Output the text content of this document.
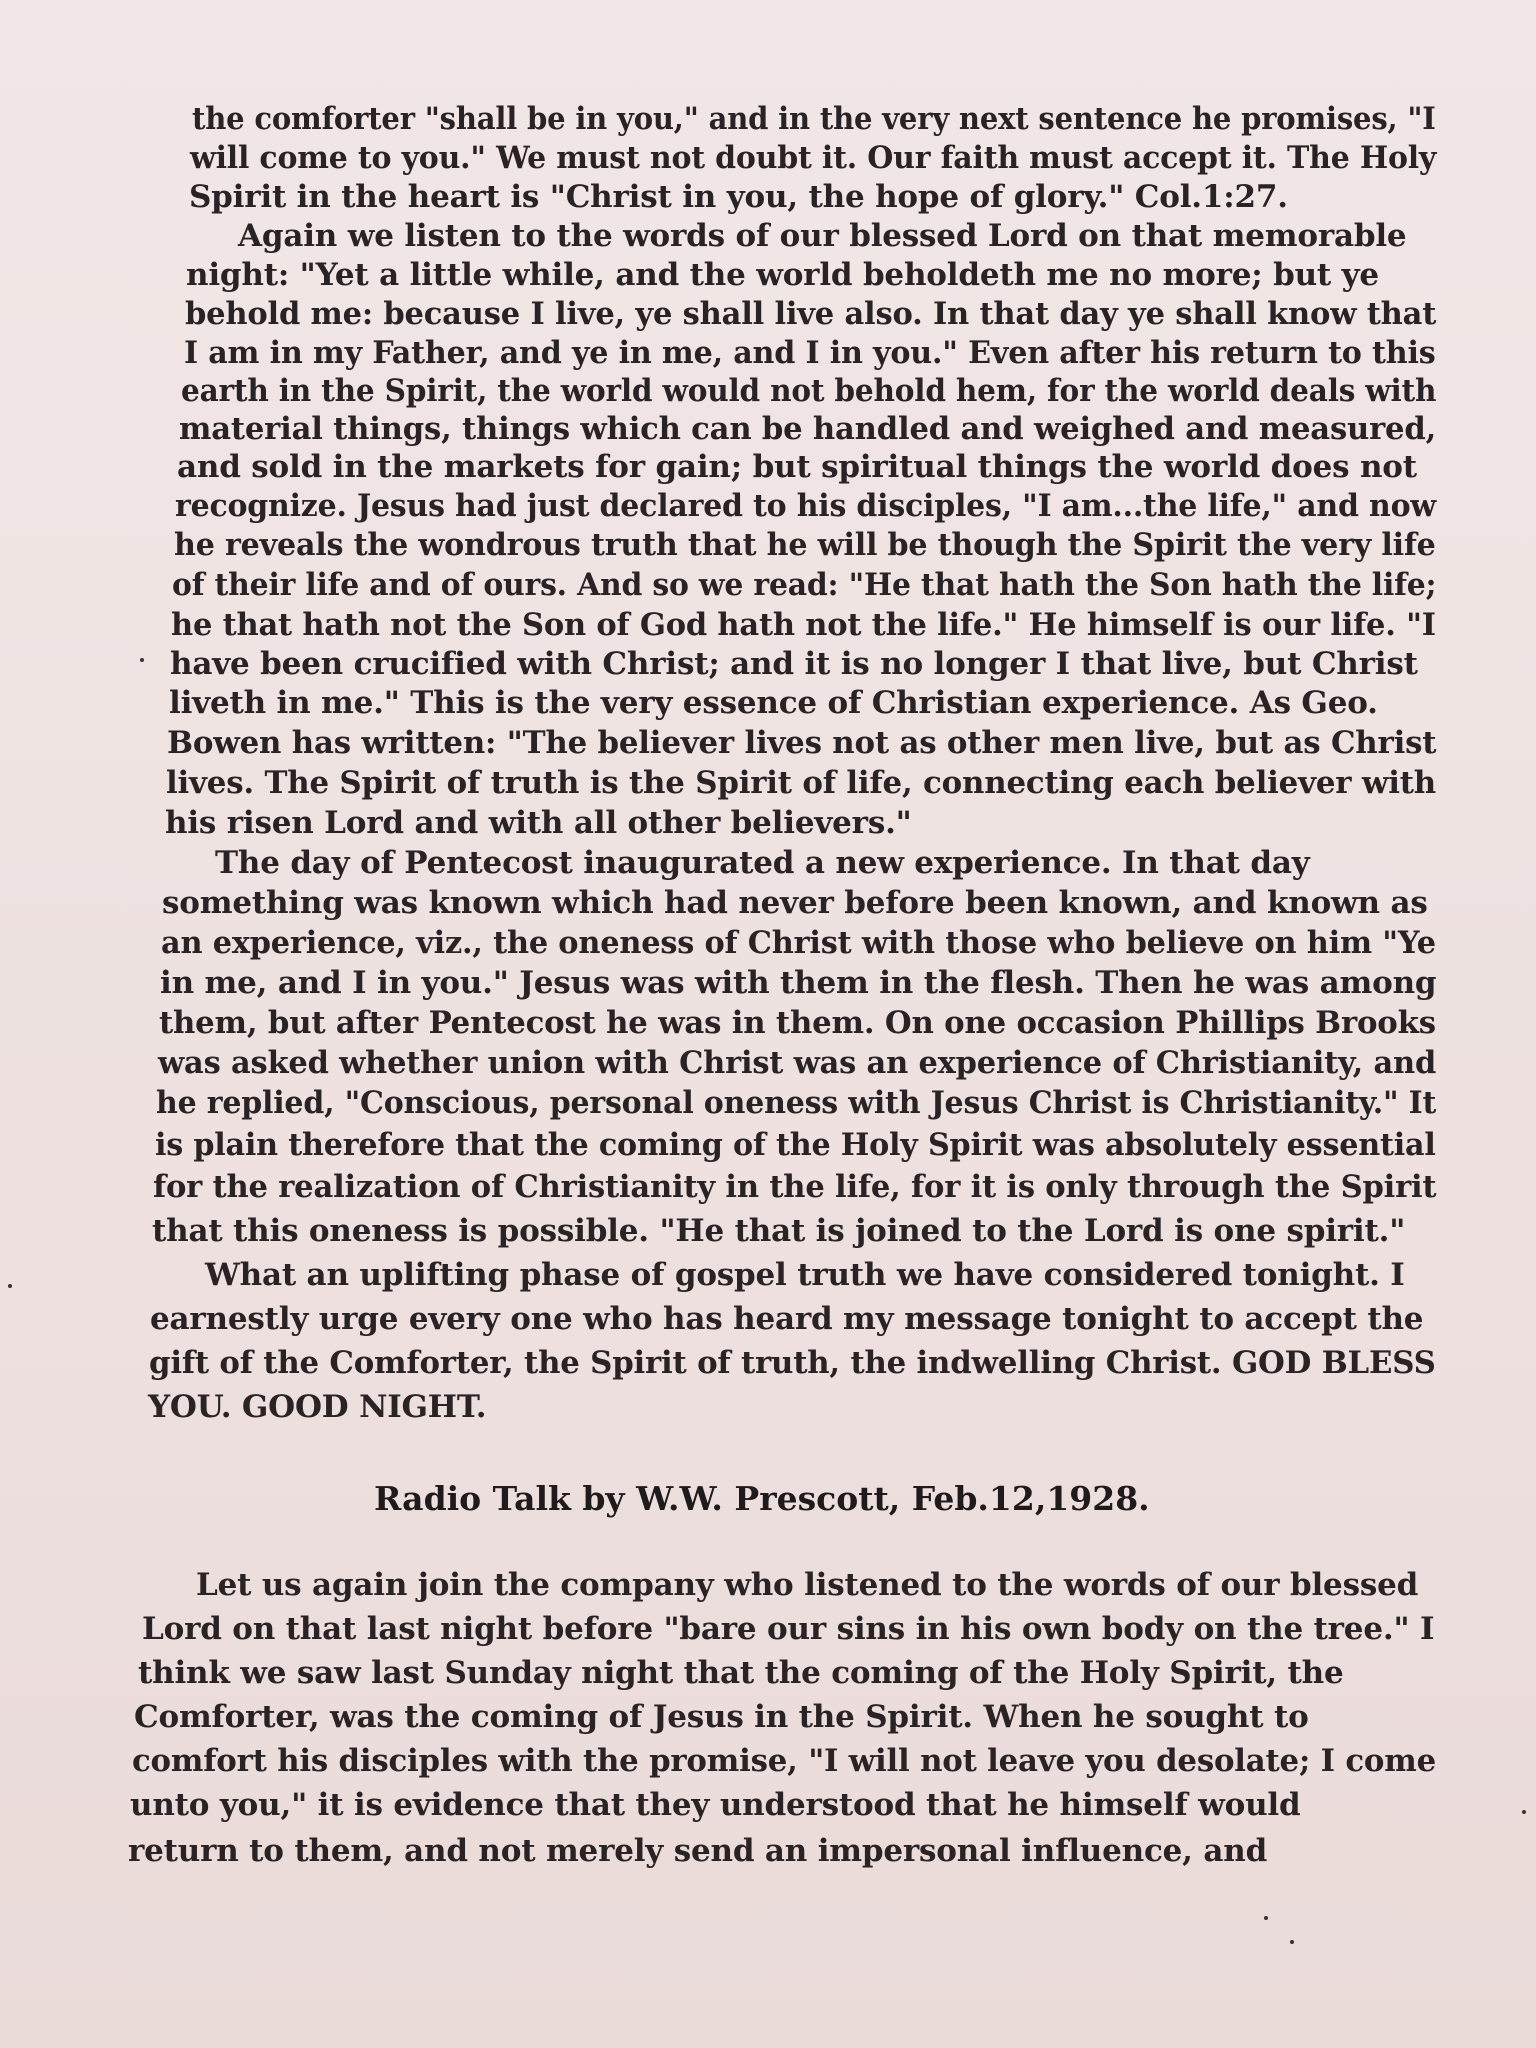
the comforter "shall be in you," and in the very next sentence he promises, "I
will come to you." We must not doubt it. Our faith must accept it. The Holy
Spirit in the heart is "Christ in you, the hope of glory." Col.1:27.
Again we listen to the words of our blessed Lord on that memorable
night: "Yet a little while, and the world beholdeth me no more; but ye
behold me: because I live, ye shall live also. In that day ye shall know that
I am in my Father, and ye in me, and I in you." Even after his return to this
earth in the Spirit, the world would not behold hem, for the world deals with
material things, things which can be handled and weighed and measured,
and sold in the markets for gain; but spiritual things the world does not
recognize. Jesus had just declared to his disciples, "I am...the life," and now
he reveals the wondrous truth that he will be though the Spirit the very life
of their life and of ours. And so we read: "He that hath the Son hath the life;
he that hath not the Son of God hath not the life." He himself is our life. "I
have been crucified with Christ; and it is no longer I that live, but Christ
liveth in me." This is the very essence of Christian experience. As Geo.
Bowen has written: "The believer lives not as other men live, but as Christ
lives. The Spirit of truth is the Spirit of life, connecting each believer with
his risen Lord and with all other believers."
The day of Pentecost inaugurated a new experience. In that day
something was known which had never before been known, and known as
an experience, viz., the oneness of Christ with those who believe on him "Ye
in me, and I in you." Jesus was with them in the flesh. Then he was among
them, but after Pentecost he was in them. On one occasion Phillips Brooks
was asked whether union with Christ was an experience of Christianity, and
he replied, "Conscious, personal oneness with Jesus Christ is Christianity." It
is plain therefore that the coming of the Holy Spirit was absolutely essential
for the realization of Christianity in the life, for it is only through the Spirit
that this oneness is possible. "He that is joined to the Lord is one spirit."
What an uplifting phase of gospel truth we have considered tonight. I
earnestly urge every one who has heard my message tonight to accept the
gift of the Comforter, the Spirit of truth, the indwelling Christ. GOD BLESS
YOU. GOOD NIGHT.
Radio Talk by W.W. Prescott, Feb.12,1928.
Let us again join the company who listened to the words of our blessed
Lord on that last night before "bare our sins in his own body on the tree." I
think we saw last Sunday night that the coming of the Holy Spirit, the
Comforter, was the coming of Jesus in the Spirit. When he sought to
comfort his disciples with the promise, "I will not leave you desolate; I come
unto you," it is evidence that they understood that he himself would
return to them, and not merely send an impersonal influence, and
